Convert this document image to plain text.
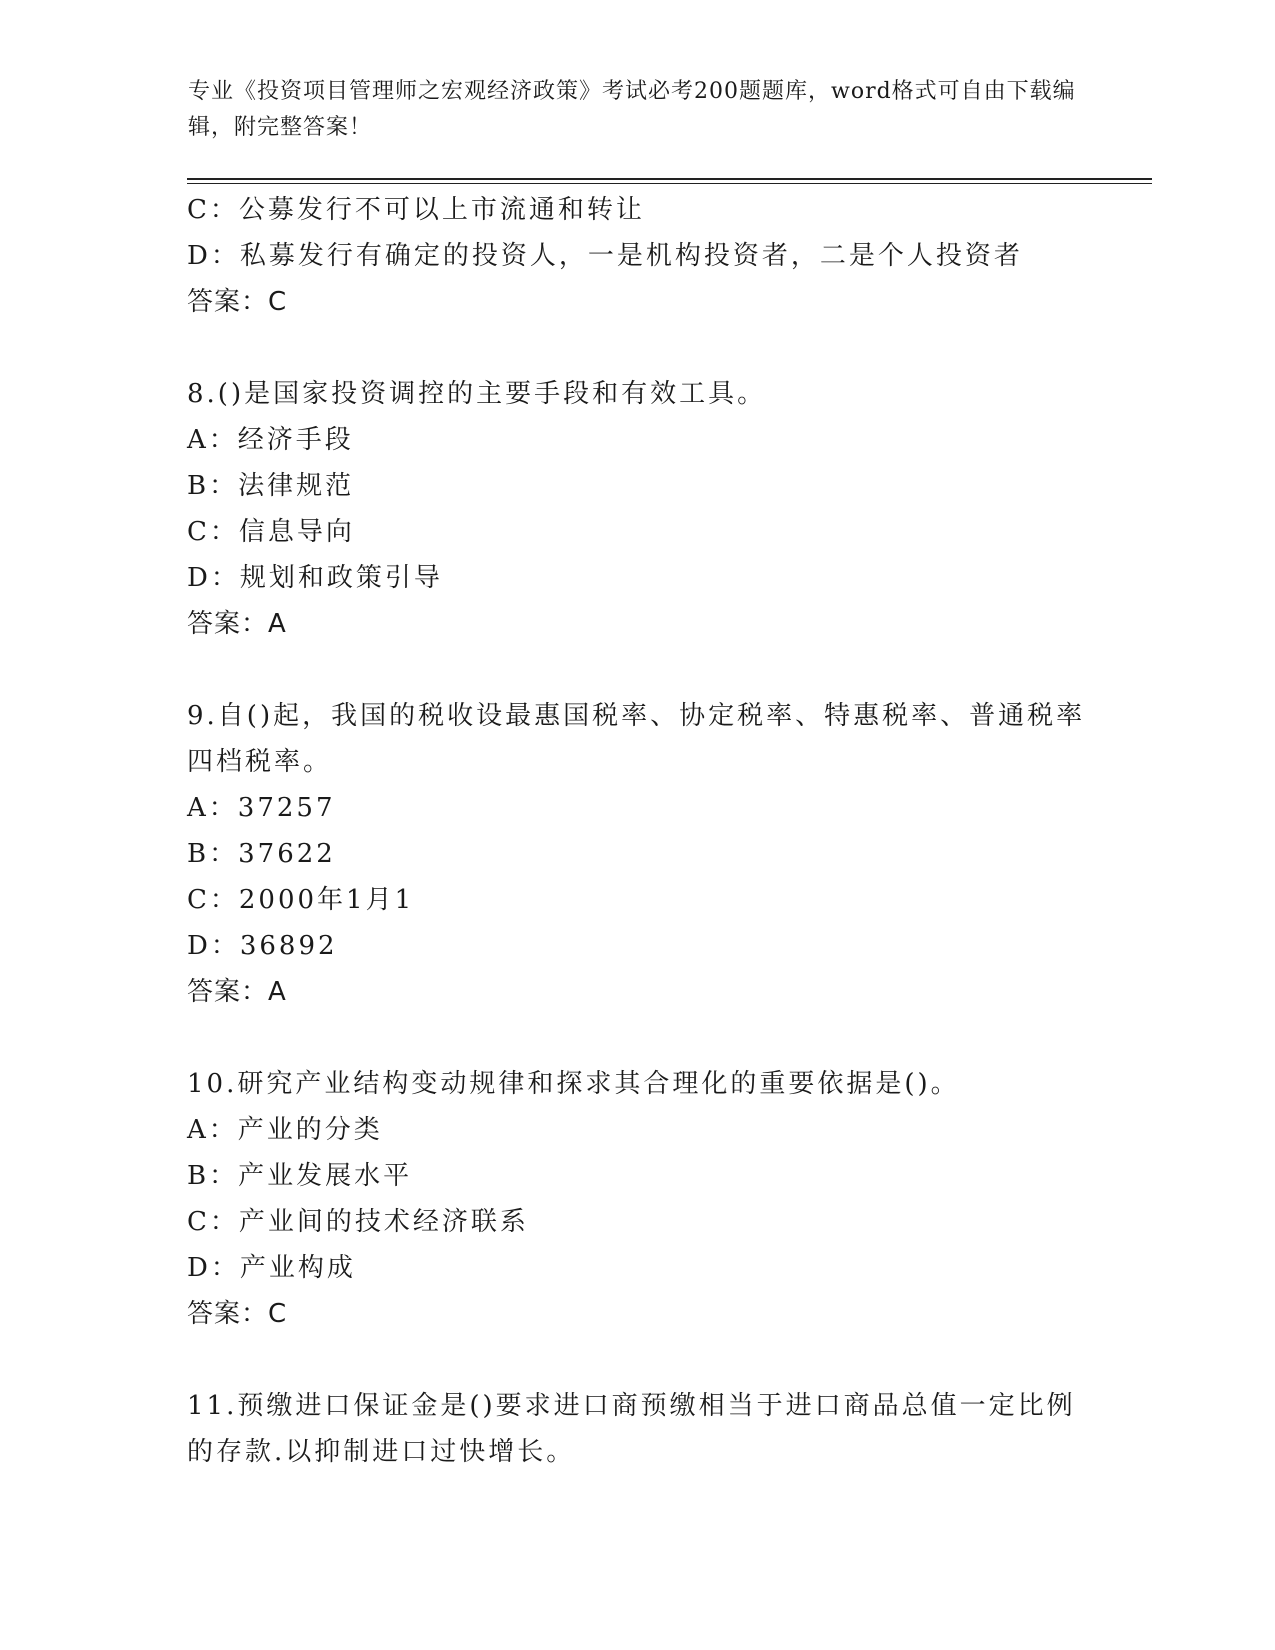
专业《投资项目管理师之宏观经济政策》考试必考200题题库，word格式可自由下载编辑，附完整答案！
C：公募发行不可以上市流通和转让
D：私募发行有确定的投资人，一是机构投资者，二是个人投资者
答案：C
8.()是国家投资调控的主要手段和有效工具。
A：经济手段
B：法律规范
C：信息导向
D：规划和政策引导
答案：A
9.自()起，我国的税收设最惠国税率、协定税率、特惠税率、普通税率四档税率。
A：37257
B：37622
C：2000年1月1
D：36892
答案：A
10.研究产业结构变动规律和探求其合理化的重要依据是()。
A：产业的分类
B：产业发展水平
C：产业间的技术经济联系
D：产业构成
答案：C
11.预缴进口保证金是()要求进口商预缴相当于进口商品总值一定比例的存款.以抑制进口过快增长。
